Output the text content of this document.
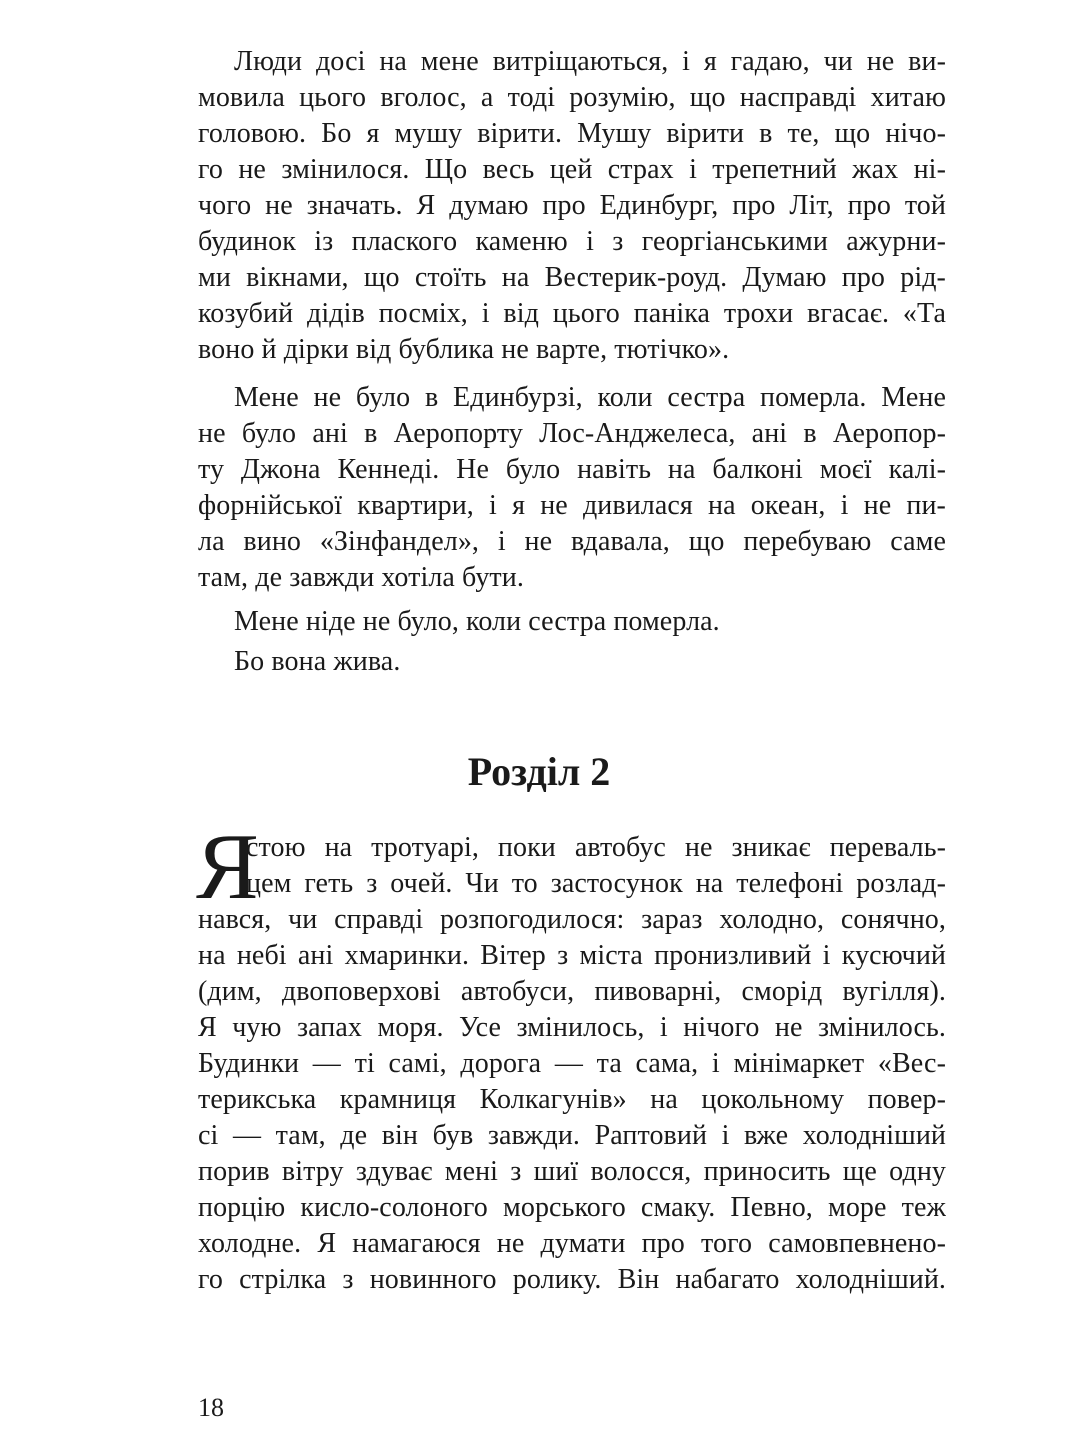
Люди досі на мене витріщаються, і я гадаю, чи не ви-
мовила цього вголос, а тоді розумію, що насправді хитаю
головою. Бо я мушу вірити. Мушу вірити в те, що нічо-
го не змінилося. Що весь цей страх і трепетний жах ні-
чого не значать. Я думаю про Единбург, про Літ, про той
будинок із плаского каменю і з георгіанськими ажурни-
ми вікнами, що стоїть на Вестерик-роуд. Думаю про рід-
козубий дідів посміх, і від цього паніка трохи вгасає. «Та
воно й дірки від бублика не варте, тютічко».
Мене не було в Единбурзі, коли сестра померла. Мене
не було ані в Аеропорту Лос-Анджелеса, ані в Аеропор-
ту Джона Кеннеді. Не було навіть на балконі моєї калі-
форнійської квартири, і я не дивилася на океан, і не пи-
ла вино «Зінфандел», і не вдавала, що перебуваю саме
там, де завжди хотіла бути.
Мене ніде не було, коли сестра померла.
Бо вона жива.
Розділ 2
Я
стою на тротуарі, поки автобус не зникає переваль-
цем геть з очей. Чи то застосунок на телефоні розлад-
нався, чи справді розпогодилося: зараз холодно, сонячно,
на небі ані хмаринки. Вітер з міста пронизливий і кусючий
(дим, двоповерхові автобуси, пивоварні, сморід вугілля).
Я чую запах моря. Усе змінилось, і нічого не змінилось.
Будинки — ті самі, дорога — та сама, і мінімаркет «Вес-
терикська крамниця Колкагунів» на цокольному повер-
сі — там, де він був завжди. Раптовий і вже холодніший
порив вітру здуває мені з шиї волосся, приносить ще одну
порцію кисло-солоного морського смаку. Певно, море теж
холодне. Я намагаюся не думати про того самовпевнено-
го стрілка з новинного ролику. Він набагато холодніший.
18
